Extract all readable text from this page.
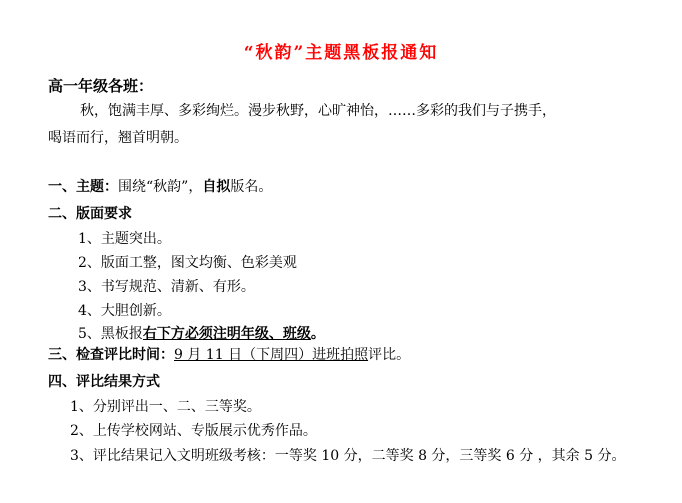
“秋韵”主题黑板报通知
高一年级各班：
秋，饱满丰厚、多彩绚烂。漫步秋野，心旷神怡，……多彩的我们与子携手，
喝语而行，翘首明朝。
一、主题：围绕“秋韵”，自拟版名。
二、版面要求
1、主题突出。
2、版面工整，图文均衡、色彩美观
3、书写规范、清新、有形。
4、大胆创新。
5、黑板报右下方必须注明年级、班级。
三、检查评比时间：9 月 11 日（下周四）进班拍照评比。
四、评比结果方式
1、分别评出一、二、三等奖。
2、上传学校网站、专版展示优秀作品。
3、评比结果记入文明班级考核：一等奖 10 分，二等奖 8 分，三等奖 6 分 ，其余 5 分。
